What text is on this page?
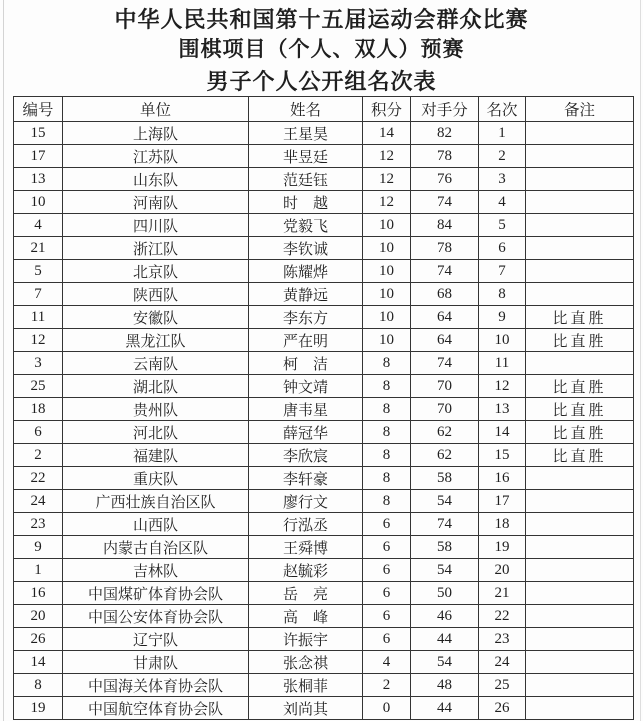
中华人民共和国第十五届运动会群众比赛
围棋项目（个人、双人）预赛
男子个人公开组名次表
编号	单位	姓名	积分	对手分	名次	备注
15	上海队	王星昊	14	82	1	
17	江苏队	芈昱廷	12	78	2	
13	山东队	范廷钰	12	76	3	
10	河南队	时　越	12	74	4	
4	四川队	党毅飞	10	84	5	
21	浙江队	李钦诚	10	78	6	
5	北京队	陈耀烨	10	74	7	
7	陕西队	黄静远	10	68	8	
11	安徽队	李东方	10	64	9	比直胜
12	黑龙江队	严在明	10	64	10	比直胜
3	云南队	柯　洁	8	74	11	
25	湖北队	钟文靖	8	70	12	比直胜
18	贵州队	唐韦星	8	70	13	比直胜
6	河北队	薛冠华	8	62	14	比直胜
2	福建队	李欣宸	8	62	15	比直胜
22	重庆队	李轩豪	8	58	16	
24	广西壮族自治区队	廖行文	8	54	17	
23	山西队	行泓丞	6	74	18	
9	内蒙古自治区队	王舜博	6	58	19	
1	吉林队	赵毓彩	6	54	20	
16	中国煤矿体育协会队	岳　亮	6	50	21	
20	中国公安体育协会队	高　峰	6	46	22	
26	辽宁队	许振宇	6	44	23	
14	甘肃队	张念祺	4	54	24	
8	中国海关体育协会队	张桐菲	2	48	25	
19	中国航空体育协会队	刘尚其	0	44	26	
